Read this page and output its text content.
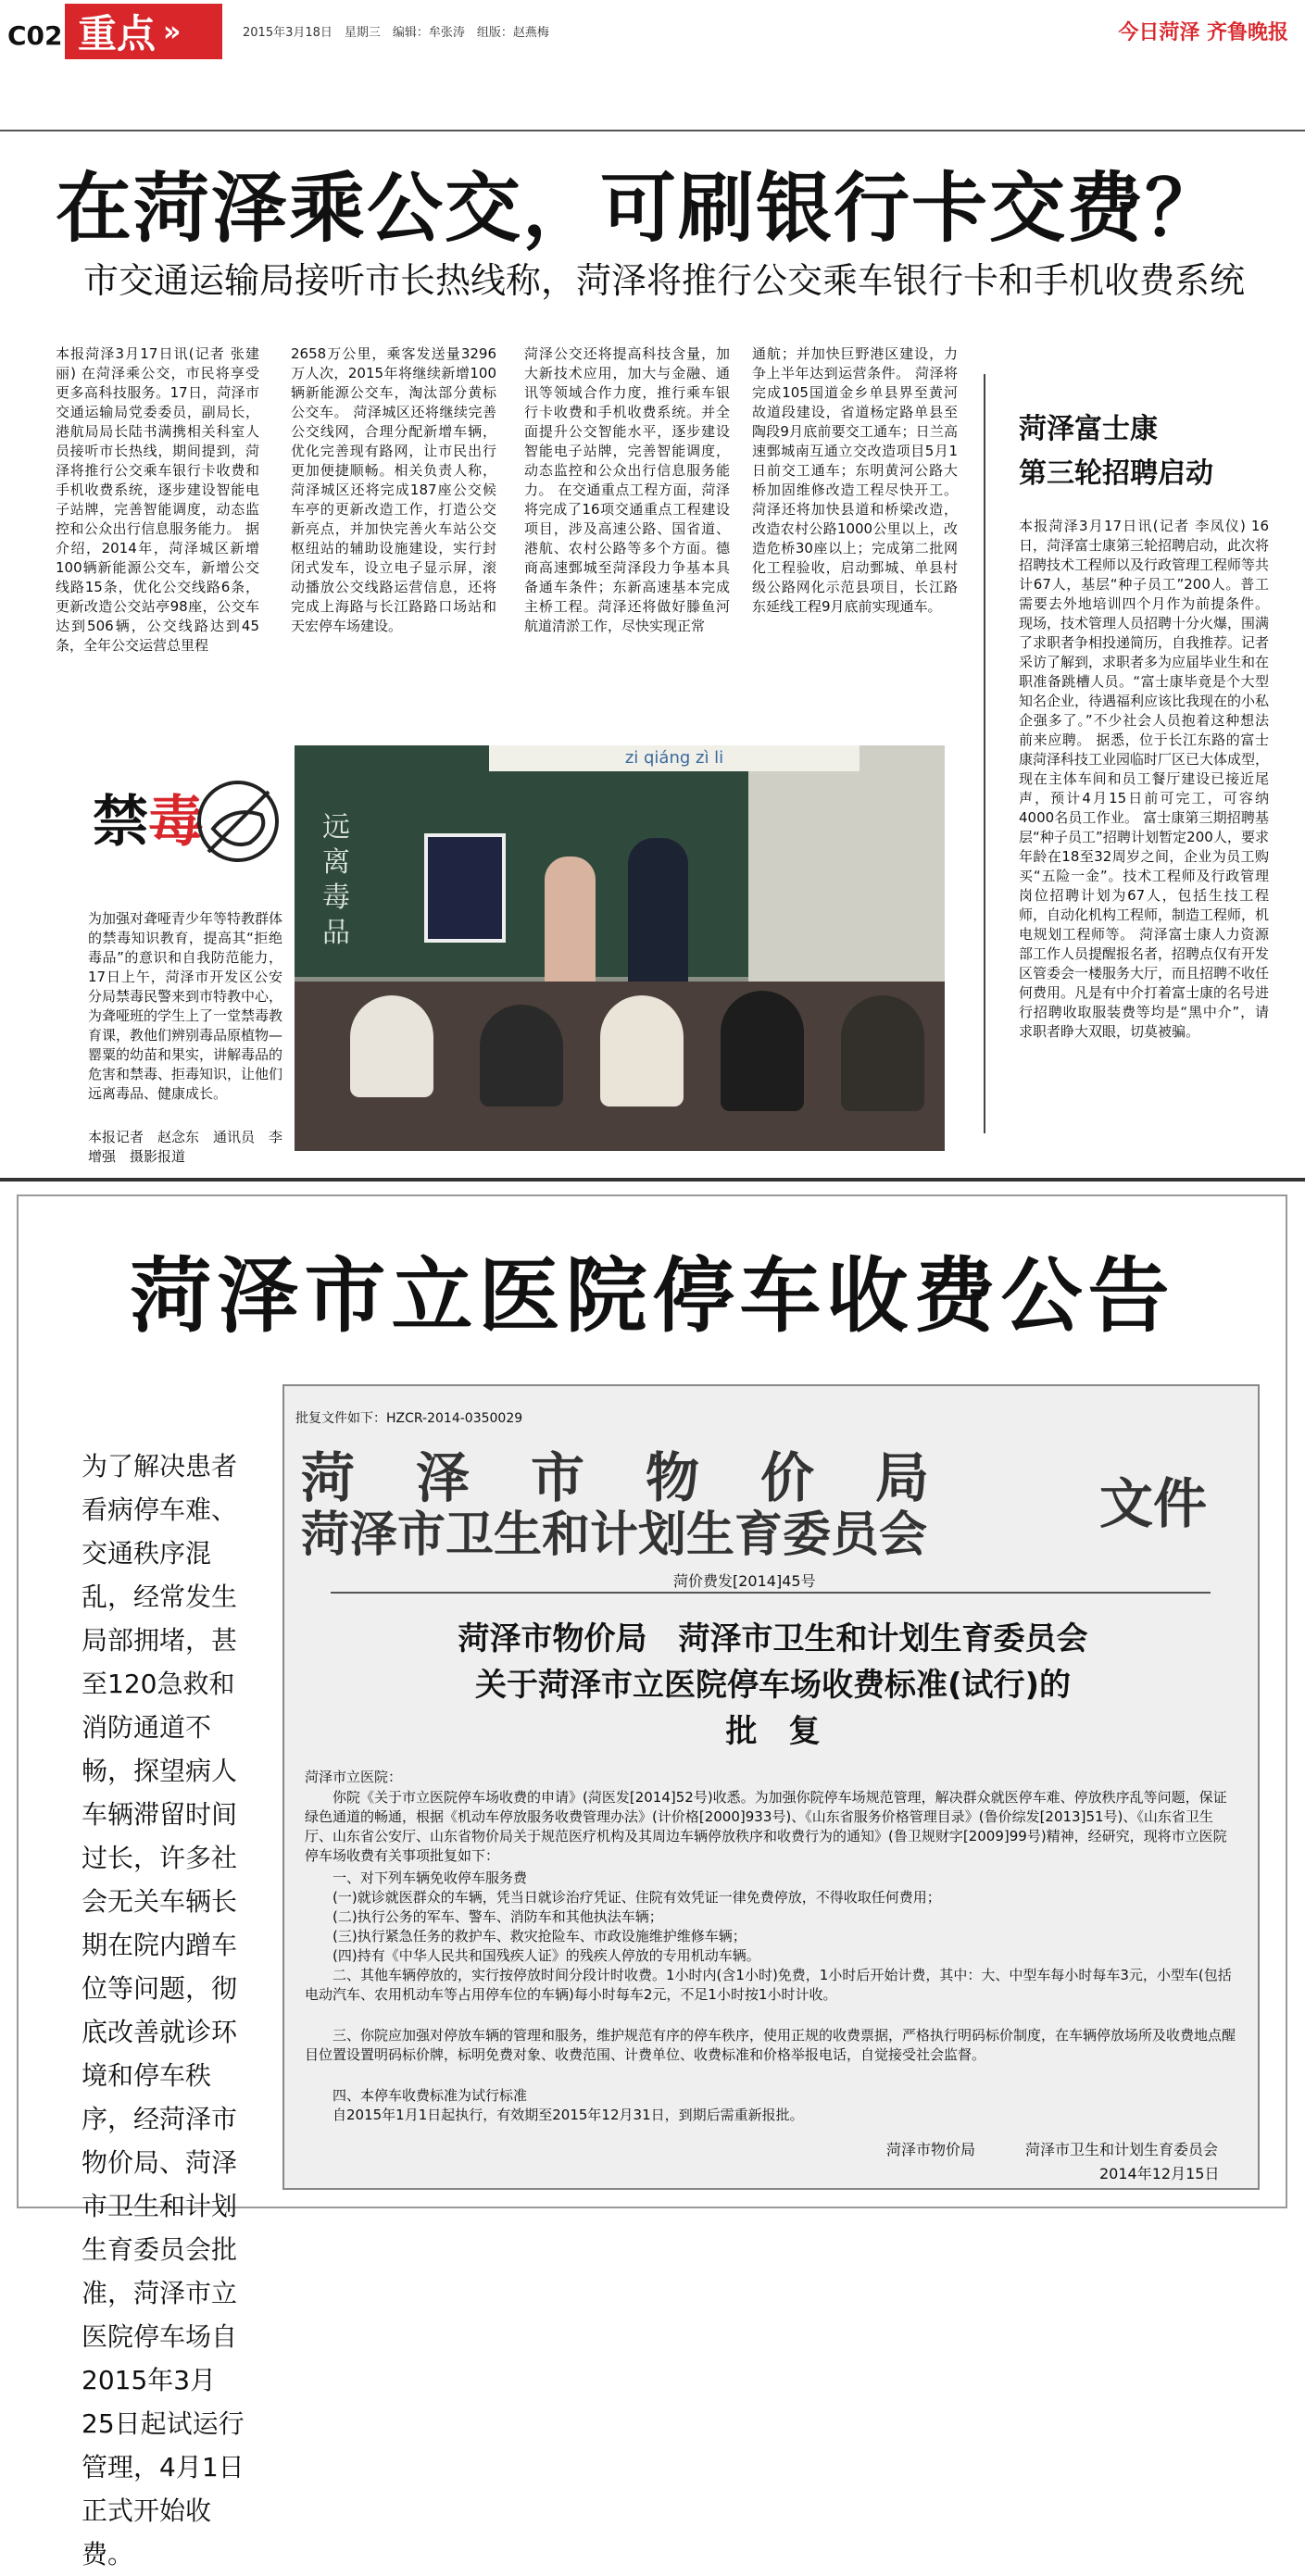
C02 重点 »	2015年3月18日　星期三　编辑：牟张涛　组版：赵燕梅	今日菏泽 齐鲁晚报
在菏泽乘公交，可刷银行卡交费？
市交通运输局接听市长热线称，菏泽将推行公交乘车银行卡和手机收费系统
本报菏泽3月17日讯(记者 张建丽) 在菏泽乘公交，市民将享受更多高科技服务。17日，菏泽市交通运输局党委委员，副局长，港航局局长陆书满携相关科室人员接听市长热线，期间提到，菏泽将推行公交乘车银行卡收费和手机收费系统，逐步建设智能电子站牌，完善智能调度，动态监控和公众出行信息服务能力。 据介绍，2014年，菏泽城区新增100辆新能源公交车，新增公交线路15条，优化公交线路6条，更新改造公交站亭98座，公交车达到506辆，公交线路达到45条，全年公交运营总里程
2658万公里，乘客发送量3296万人次，2015年将继续新增100辆新能源公交车，淘汰部分黄标公交车。 菏泽城区还将继续完善公交线网，合理分配新增车辆，优化完善现有路网，让市民出行更加便捷顺畅。相关负责人称，菏泽城区还将完成187座公交候车亭的更新改造工作，打造公交新亮点，并加快完善火车站公交枢纽站的辅助设施建设，实行封闭式发车，设立电子显示屏，滚动播放公交线路运营信息，还将完成上海路与长江路路口场站和天宏停车场建设。
菏泽公交还将提高科技含量，加大新技术应用，加大与金融、通讯等领域合作力度，推行乘车银行卡收费和手机收费系统。并全面提升公交智能水平，逐步建设智能电子站牌，完善智能调度，动态监控和公众出行信息服务能力。 在交通重点工程方面，菏泽将完成了16项交通重点工程建设项目，涉及高速公路、国省道、港航、农村公路等多个方面。德商高速鄄城至菏泽段力争基本具备通车条件；东新高速基本完成主桥工程。菏泽还将做好滕鱼河航道清淤工作，尽快实现正常
通航；并加快巨野港区建设，力争上半年达到运营条件。 菏泽将完成105国道金乡单县界至黄河故道段建设，省道杨定路单县至陶段9月底前要交工通车；日兰高速鄄城南互通立交改造项目5月1日前交工通车；东明黄河公路大桥加固维修改造工程尽快开工。 菏泽还将加快县道和桥梁改造，改造农村公路1000公里以上，改造危桥30座以上；完成第二批网化工程验收，启动鄄城、单县村级公路网化示范县项目，长江路东延线工程9月底前实现通车。
菏泽富士康
第三轮招聘启动
本报菏泽3月17日讯(记者 李凤仪) 16日，菏泽富士康第三轮招聘启动，此次将招聘技术工程师以及行政管理工程师等共计67人，基层“种子员工”200人。普工需要去外地培训四个月作为前提条件。 现场，技术管理人员招聘十分火爆，围满了求职者争相投递简历，自我推荐。记者采访了解到，求职者多为应届毕业生和在职准备跳槽人员。“富士康毕竟是个大型知名企业，待遇福利应该比我现在的小私企强多了。”不少社会人员抱着这种想法前来应聘。 据悉，位于长江东路的富士康菏泽科技工业园临时厂区已大体成型，现在主体车间和员工餐厅建设已接近尾声，预计4月15日前可完工，可容纳4000名员工作业。 富士康第三期招聘基层“种子员工”招聘计划暂定200人，要求年龄在18至32周岁之间，企业为员工购买“五险一金”。技术工程师及行政管理岗位招聘计划为67人，包括生技工程师，自动化机构工程师，制造工程师，机电规划工程师等。 菏泽富士康人力资源部工作人员提醒报名者，招聘点仅有开发区管委会一楼服务大厅，而且招聘不收任何费用。凡是有中介打着富士康的名号进行招聘收取服装费等均是“黑中介”，请求职者睁大双眼，切莫被骗。
禁毒
为加强对聋哑青少年等特教群体的禁毒知识教育，提高其“拒绝毒品”的意识和自我防范能力，17日上午，菏泽市开发区公安分局禁毒民警来到市特教中心，为聋哑班的学生上了一堂禁毒教育课，教他们辨别毒品原植物—罂粟的幼苗和果实，讲解毒品的危害和禁毒、拒毒知识，让他们远离毒品、健康成长。
本报记者　赵念东　通讯员　李增强　摄影报道
zi qiáng zì li
远离毒品
菏泽市立医院停车收费公告
为了解决患者看病停车难、交通秩序混乱，经常发生局部拥堵，甚至120急救和消防通道不畅，探望病人车辆滞留时间过长，许多社会无关车辆长期在院内蹭车位等问题，彻底改善就诊环境和停车秩序，经菏泽市物价局、菏泽市卫生和计划生育委员会批准，菏泽市立医院停车场自2015年3月25日起试运行管理，4月1日正式开始收费。
批复文件如下：HZCR-2014-0350029
菏　泽　市　物　价　局
菏泽市卫生和计划生育委员会	文件
菏价费发[2014]45号
菏泽市物价局　菏泽市卫生和计划生育委员会
关于菏泽市立医院停车场收费标准(试行)的
批　复
菏泽市立医院：
你院《关于市立医院停车场收费的申请》(菏医发[2014]52号)收悉。为加强你院停车场规范管理，解决群众就医停车难、停放秩序乱等问题，保证绿色通道的畅通，根据《机动车停放服务收费管理办法》(计价格[2000]933号)、《山东省服务价格管理目录》(鲁价综发[2013]51号)、《山东省卫生厅、山东省公安厅、山东省物价局关于规范医疗机构及其周边车辆停放秩序和收费行为的通知》(鲁卫规财字[2009]99号)精神，经研究，现将市立医院停车场收费有关事项批复如下：
一、对下列车辆免收停车服务费
(一)就诊就医群众的车辆，凭当日就诊治疗凭证、住院有效凭证一律免费停放，不得收取任何费用；
(二)执行公务的军车、警车、消防车和其他执法车辆；
(三)执行紧急任务的救护车、救灾抢险车、市政设施维护维修车辆；
(四)持有《中华人民共和国残疾人证》的残疾人停放的专用机动车辆。
二、其他车辆停放的，实行按停放时间分段计时收费。1小时内(含1小时)免费，1小时后开始计费，其中：大、中型车每小时每车3元，小型车(包括电动汽车、农用机动车等占用停车位的车辆)每小时每车2元，不足1小时按1小时计收。
三、你院应加强对停放车辆的管理和服务，维护规范有序的停车秩序，使用正规的收费票据，严格执行明码标价制度，在车辆停放场所及收费地点醒目位置设置明码标价牌，标明免费对象、收费范围、计费单位、收费标准和价格举报电话，自觉接受社会监督。
四、本停车收费标准为试行标准
自2015年1月1日起执行，有效期至2015年12月31日，到期后需重新报批。
菏泽市物价局	菏泽市卫生和计划生育委员会
2014年12月15日
